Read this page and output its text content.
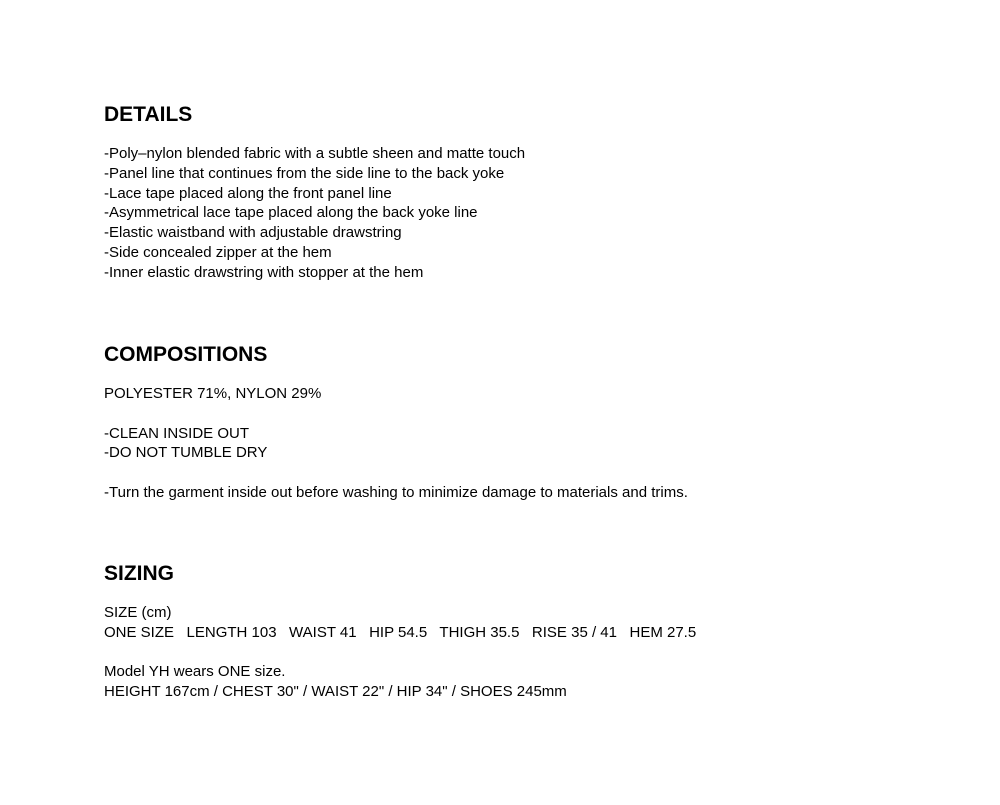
DETAILS
-Poly–nylon blended fabric with a subtle sheen and matte touch
-Panel line that continues from the side line to the back yoke
-Lace tape placed along the front panel line
-Asymmetrical lace tape placed along the back yoke line
-Elastic waistband with adjustable drawstring
-Side concealed zipper at the hem
-Inner elastic drawstring with stopper at the hem
COMPOSITIONS
POLYESTER 71%, NYLON 29%
-CLEAN INSIDE OUT
-DO NOT TUMBLE DRY
-Turn the garment inside out before washing to minimize damage to materials and trims.
SIZING
SIZE (cm)
ONE SIZE   LENGTH 103   WAIST 41   HIP 54.5   THIGH 35.5   RISE 35 / 41   HEM 27.5
Model YH wears ONE size.
HEIGHT 167cm / CHEST 30" / WAIST 22" / HIP 34" / SHOES 245mm
